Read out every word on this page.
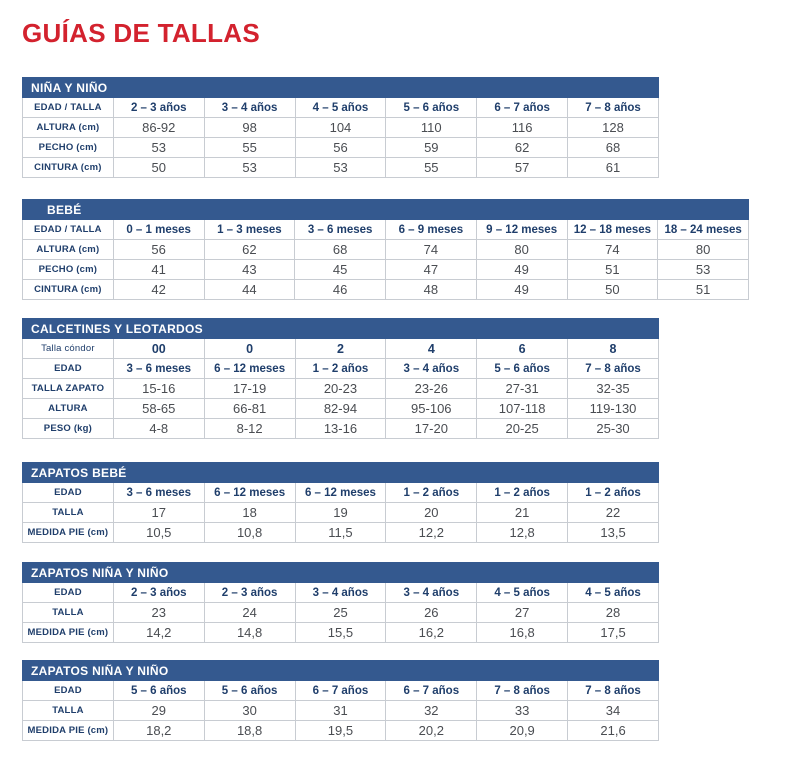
GUÍAS DE TALLAS
NIÑA Y NIÑO						
EDAD / TALLA	2 – 3 años	3 – 4 años	4 – 5 años	5 – 6 años	6 – 7 años	7 – 8 años
ALTURA (cm)	86-92	98	104	110	116	128
PECHO (cm)	53	55	56	59	62	68
CINTURA (cm)	50	53	53	55	57	61
BEBÉ							
EDAD / TALLA	0 – 1 meses	1 – 3 meses	3 – 6 meses	6 – 9 meses	9 – 12 meses	12 – 18 meses	18 – 24 meses
ALTURA (cm)	56	62	68	74	80	74	80
PECHO (cm)	41	43	45	47	49	51	53
CINTURA (cm)	42	44	46	48	49	50	51
CALCETINES Y LEOTARDOS						
Talla cóndor	00	0	2	4	6	8
EDAD	3 – 6 meses	6 – 12 meses	1 – 2 años	3 – 4 años	5 – 6 años	7 – 8 años
TALLA ZAPATO	15-16	17-19	20-23	23-26	27-31	32-35
ALTURA	58-65	66-81	82-94	95-106	107-118	119-130
PESO (kg)	4-8	8-12	13-16	17-20	20-25	25-30
ZAPATOS BEBÉ						
EDAD	3 – 6 meses	6 – 12 meses	6 – 12 meses	1 – 2 años	1 – 2 años	1 – 2 años
TALLA	17	18	19	20	21	22
MEDIDA PIE (cm)	10,5	10,8	11,5	12,2	12,8	13,5
ZAPATOS NIÑA Y NIÑO						
EDAD	2 – 3 años	2 – 3 años	3 – 4 años	3 – 4 años	4 – 5 años	4 – 5 años
TALLA	23	24	25	26	27	28
MEDIDA PIE (cm)	14,2	14,8	15,5	16,2	16,8	17,5
ZAPATOS NIÑA Y NIÑO						
EDAD	5 – 6 años	5 – 6 años	6 – 7 años	6 – 7 años	7 – 8 años	7 – 8 años
TALLA	29	30	31	32	33	34
MEDIDA PIE (cm)	18,2	18,8	19,5	20,2	20,9	21,6
